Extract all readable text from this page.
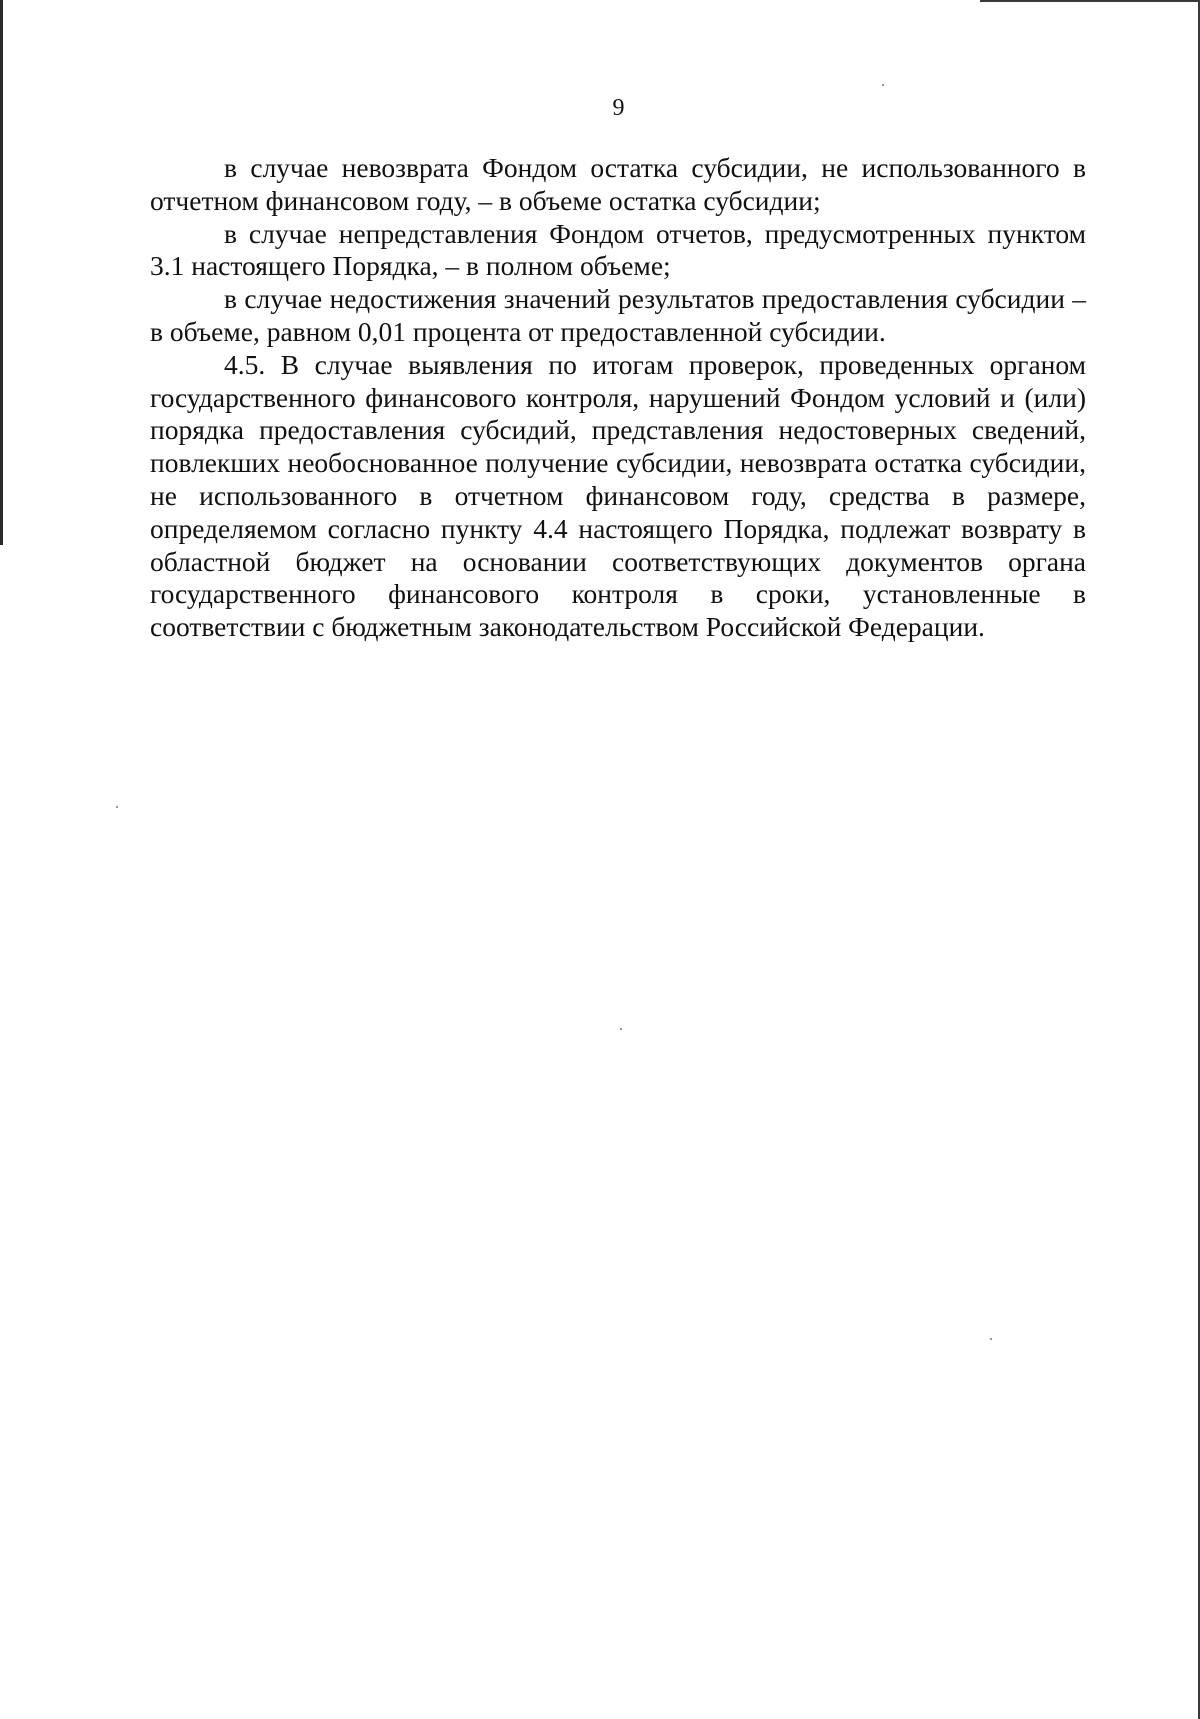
9

в случае невозврата Фондом остатка субсидии, не использованного в отчетном финансовом году, – в объеме остатка субсидии;

в случае непредставления Фондом отчетов, предусмотренных пунктом 3.1 настоящего Порядка, – в полном объеме;

в случае недостижения значений результатов предоставления субсидии – в объеме, равном 0,01 процента от предоставленной субсидии.

4.5. В случае выявления по итогам проверок, проведенных органом государственного финансового контроля, нарушений Фондом условий и (или) порядка предоставления субсидий, представления недостоверных сведений, повлекших необоснованное получение субсидии, невозврата остатка субсидии, не использованного в отчетном финансовом году, средства в размере, определяемом согласно пункту 4.4 настоящего Порядка, подлежат возврату в областной бюджет на основании соответствующих документов органа государственного финансового контроля в сроки, установленные в соответствии с бюджетным законодательством Российской Федерации.
